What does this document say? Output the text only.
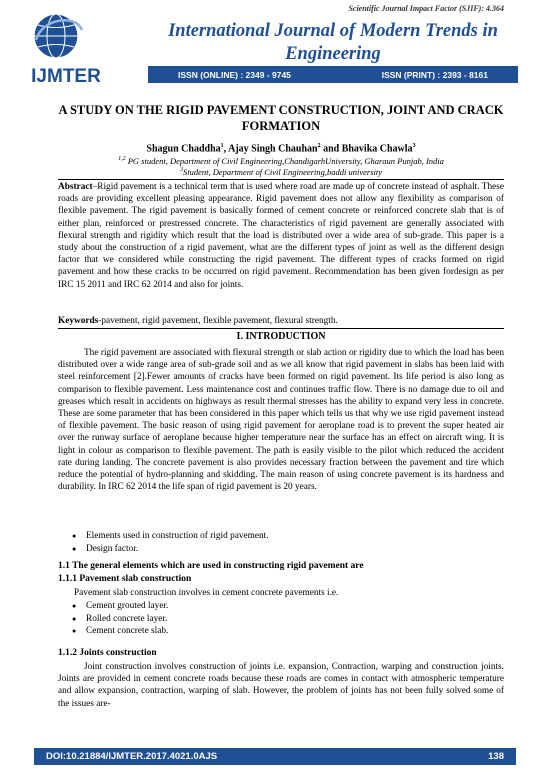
Scientific Journal Impact Factor (SJIF): 4.364
IJMTER
International Journal of Modern Trends in Engineering
ISSN (ONLINE) : 2349 - 9745	ISSN (PRINT) : 2393 - 8161
A STUDY ON THE RIGID PAVEMENT CONSTRUCTION, JOINT AND CRACK FORMATION
Shagun Chaddha$^1$, Ajay Singh Chauhan$^2$ and Bhavika Chawla$^3$
$^{1,2}$ PG student, Department of Civil Engineering,ChandigarhUniversity, Gharaun Punjab, India
$^3$Student, Department of Civil Engineering,baddi university
Abstract–Rigid pavement is a technical term that is used where road are made up of concrete instead of asphalt. These roads are providing excellent pleasing appearance. Rigid pavement does not allow any flexibility as comparison of flexible pavement. The rigid pavement is basically formed of cement concrete or reinforced concrete slab that is of either plan, reinforced or prestressed concrete. The characteristics of rigid pavement are generally associated with flexural strength and rigidity which result that the load is distributed over a wide area of sub-grade. This paper is a study about the construction of a rigid pavement, what are the different types of joint as well as the different design factor that we considered while constructing the rigid pavement. The different types of cracks formed on rigid pavement and how these cracks to be occurred on rigid pavement. Recommendation has been given fordesign as per IRC 15 2011 and IRC 62 2014 and also for joints.
Keywords-pavement, rigid pavement, flexible pavement, flexural strength.
I. INTRODUCTION
The rigid pavement are associated with flexural strength or slab action or rigidity due to which the load has been distributed over a wide range area of sub-grade soil and as we all know that rigid pavement in slabs has been laid with steel reinforcement [2].Fewer amounts of cracks have been formed on rigid pavement. Its life period is also long as comparison to flexible pavement. Less maintenance cost and continues traffic flow. There is no damage due to oil and greases which result in accidents on highways as result thermal stresses has the ability to expand very less in concrete. These are some parameter that has been considered in this paper which tells us that why we use rigid pavement instead of flexible pavement. The basic reason of using rigid pavement for aeroplane road is to prevent the super heated air over the runway surface of aeroplane because higher temperature near the surface has an effect on aircraft wing. It is light in colour as comparison to flexible pavement. The path is easily visible to the pilot which reduced the accident rate during landing. The concrete pavement is also provides necessary fraction between the pavement and tire which reduce the potential of hydro-planning and skidding. The main reason of using concrete pavement is its hardness and durability. In IRC 62 2014 the life span of rigid pavement is 20 years.
● Elements used in construction of rigid pavement.
● Design factor.
1.1 The general elements which are used in constructing rigid pavement are
1.1.1 Pavement slab construction
Pavement slab construction involves in cement concrete pavements i.e.
● Cement grouted layer.
● Rolled concrete layer.
● Cement concrete slab.
1.1.2 Joints construction
Joint construction involves construction of joints i.e. expansion, Contraction, warping and construction joints. Joints are provided in cement concrete roads because these roads are comes in contact with atmospheric temperature and allow expansion, contraction, warping of slab. However, the problem of joints has not been fully solved some of the issues are-
DOI:10.21884/IJMTER.2017.4021.0AJS	138
